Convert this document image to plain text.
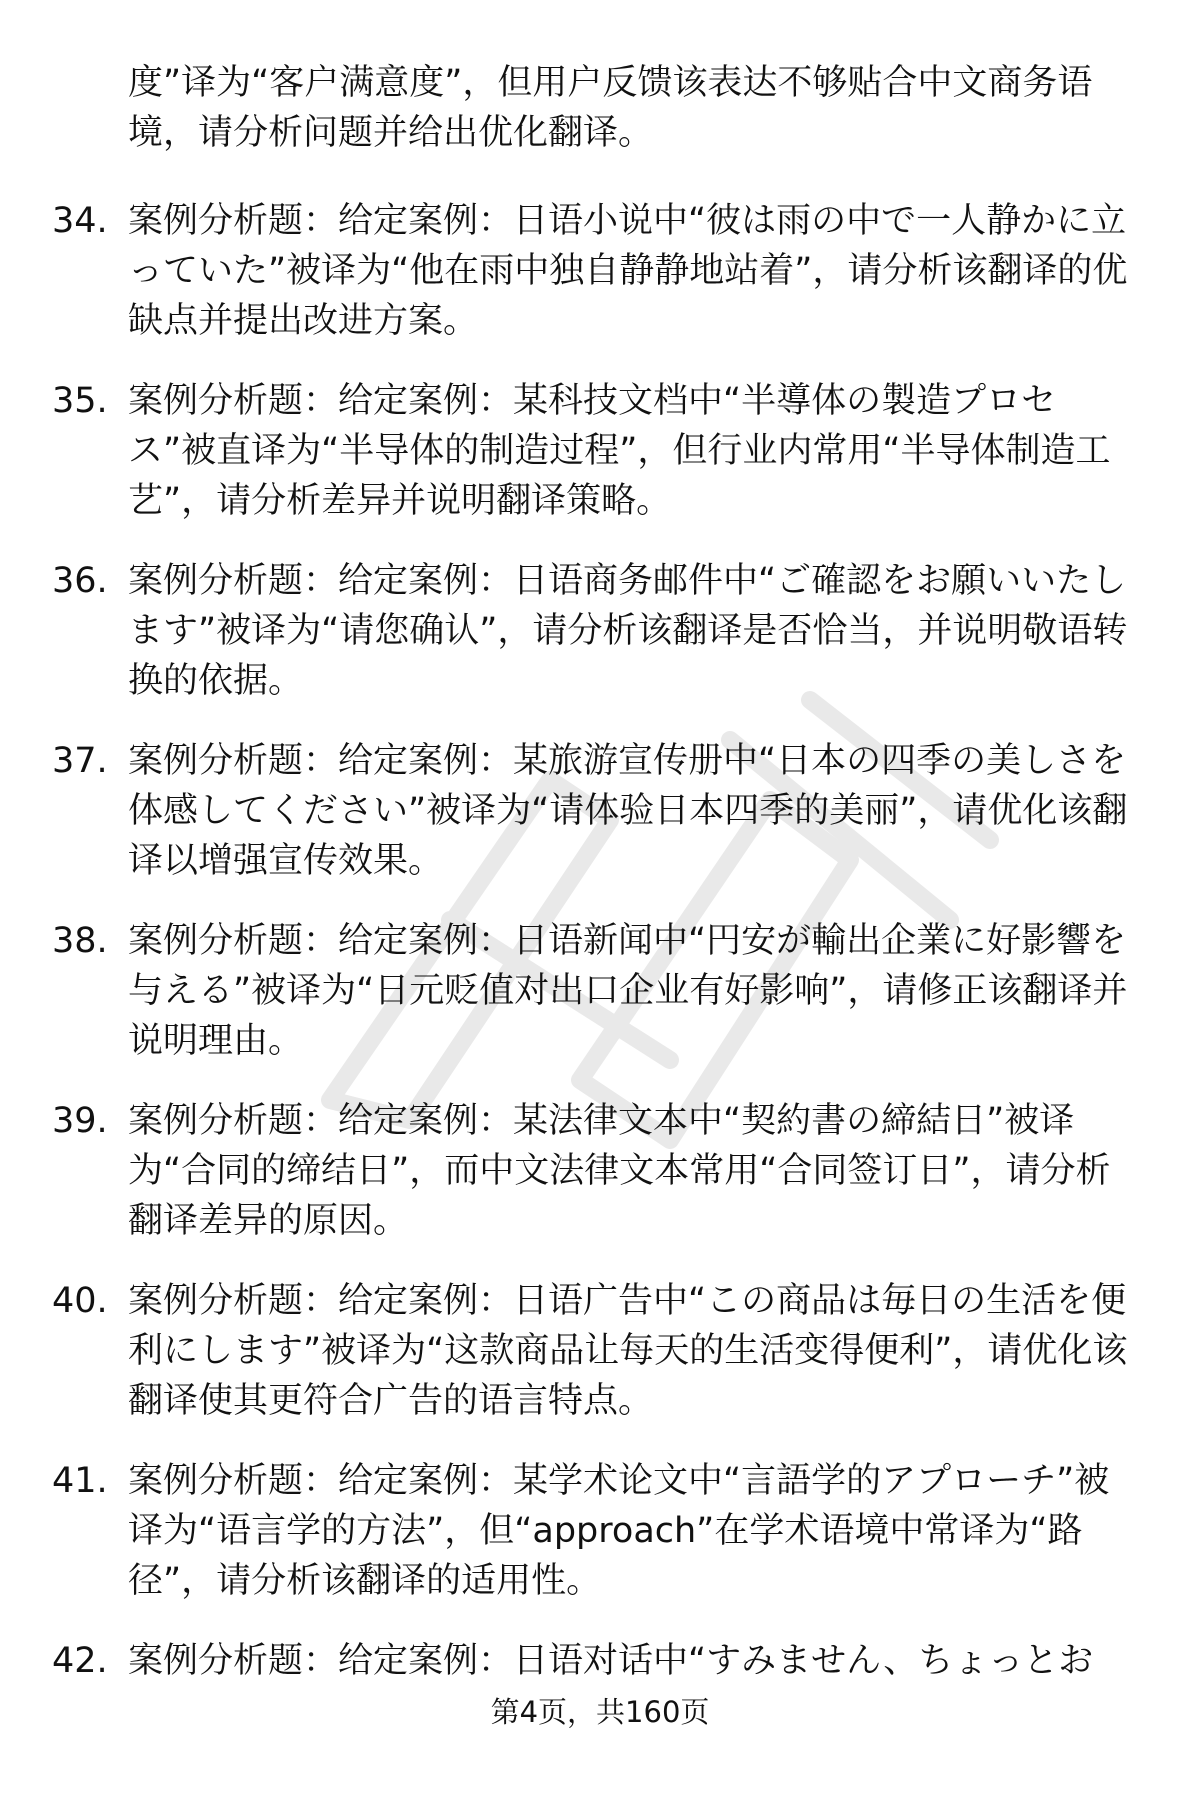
度”译为“客户满意度”，但用户反馈该表达不够贴合中文商务语境，请分析问题并给出优化翻译。
34. 案例分析题：给定案例：日语小说中“彼は雨の中で一人静かに立っていた”被译为“他在雨中独自静静地站着”，请分析该翻译的优缺点并提出改进方案。
35. 案例分析题：给定案例：某科技文档中“半導体の製造プロセス”被直译为“半导体的制造过程”，但行业内常用“半导体制造工艺”，请分析差异并说明翻译策略。
36. 案例分析题：给定案例：日语商务邮件中“ご確認をお願いいたします”被译为“请您确认”，请分析该翻译是否恰当，并说明敬语转换的依据。
37. 案例分析题：给定案例：某旅游宣传册中“日本の四季の美しさを体感してください”被译为“请体验日本四季的美丽”，请优化该翻译以增强宣传效果。
38. 案例分析题：给定案例：日语新闻中“円安が輸出企業に好影響を与える”被译为“日元贬值对出口企业有好影响”，请修正该翻译并说明理由。
39. 案例分析题：给定案例：某法律文本中“契約書の締結日”被译为“合同的缔结日”，而中文法律文本常用“合同签订日”，请分析翻译差异的原因。
40. 案例分析题：给定案例：日语广告中“この商品は毎日の生活を便利にします”被译为“这款商品让每天的生活变得便利”，请优化该翻译使其更符合广告的语言特点。
41. 案例分析题：给定案例：某学术论文中“言語学的アプローチ”被译为“语言学的方法”，但“approach”在学术语境中常译为“路径”，请分析该翻译的适用性。
42. 案例分析题：给定案例：日语对话中“すみません、ちょっとお
第4页，共160页
